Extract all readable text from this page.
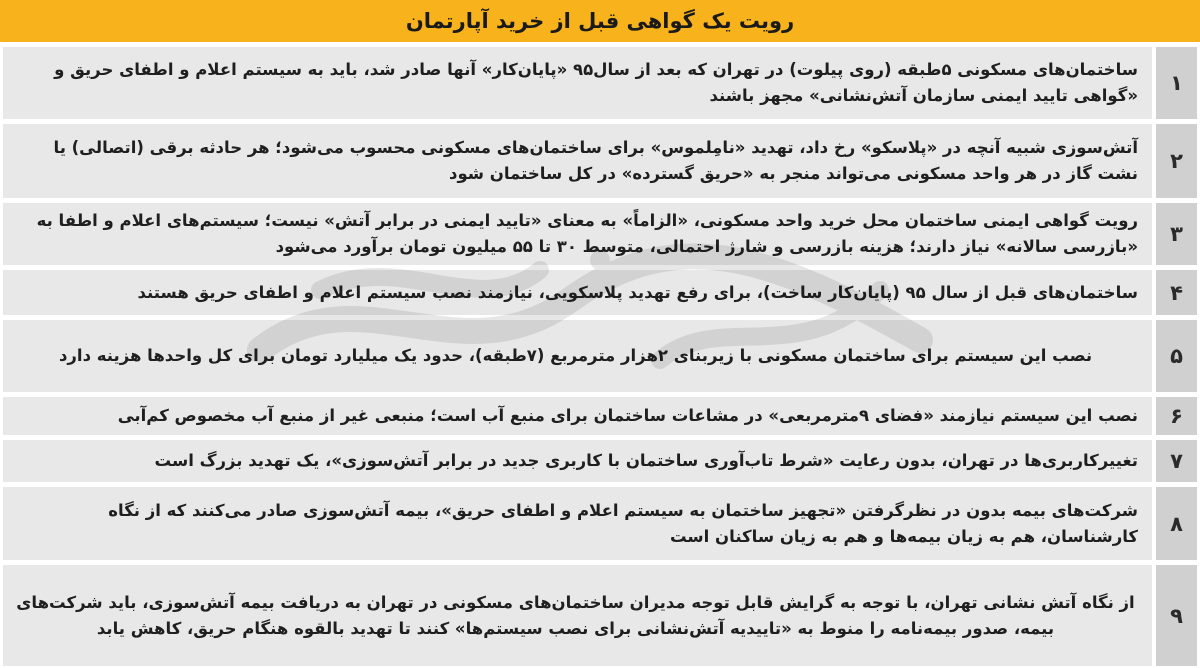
رویت یک گواهی قبل از خرید آپارتمان
۱

ساختمان‌های مسکونی ۵طبقه (روی پیلوت) در تهران که بعد از سال۹۵ «پایان‌کار» آنها صادر شد، باید به سیستم اعلام و اطفای حریق و «گواهی تایید ایمنی سازمان آتش‌نشانی» مجهز باشند

۲

آتش‌سوزی شبیه آنچه در «پلاسکو» رخ داد، تهدید «نامِلموس» برای ساختمان‌های مسکونی محسوب می‌شود؛ هر حادثه برقی (اتصالی) یا نشت گاز در هر واحد مسکونی می‌تواند منجر به «حریق گسترده» در کل ساختمان شود

۳

رویت گواهی ایمنی ساختمان محل خرید واحد مسکونی، «الزاماً» به معنای «تایید ایمنی در برابر آتش» نیست؛ سیستم‌های اعلام و اطفا به «بازرسی سالانه» نیاز دارند؛ هزینه بازرسی و شارژ احتمالی، متوسط ۳۰ تا ۵۵ میلیون تومان برآورد می‌شود

۴

ساختمان‌های قبل از سال ۹۵ (پایان‌کار ساخت)، برای رفع تهدید پلاسکویی، نیازمند نصب سیستم اعلام و اطفای حریق هستند

۵

نصب این سیستم برای ساختمان مسکونی با زیربنای ۲هزار مترمربع (۷طبقه)، حدود یک میلیارد تومان برای کل واحدها هزینه دارد

۶

نصب این سیستم نیازمند «فضای ۹مترمربعی» در مشاعات ساختمان برای منبع آب است؛ منبعی غیر از منبع آب مخصوص کم‌آبی

۷

تغییرکاربری‌ها در تهران، بدون رعایت «شرط تاب‌آوری ساختمان با کاربری جدید در برابر آتش‌سوزی»، یک تهدید بزرگ است

۸

شرکت‌های بیمه بدون در نظرگرفتن «تجهیز ساختمان به سیستم اعلام و اطفای حریق»، بیمه آتش‌سوزی صادر می‌کنند که از نگاه کارشناسان، هم به زیان بیمه‌ها و هم به زیان ساکنان است

۹

از نگاه آتش نشانی تهران، با توجه به گرایش قابل توجه مدیران ساختمان‌های مسکونی در تهران به دریافت بیمه آتش‌سوزی، باید شرکت‌های بیمه، صدور بیمه‌نامه را منوط به «تاییدیه آتش‌نشانی برای نصب سیستم‌ها» کنند تا تهدید بالقوه هنگام حریق، کاهش یابد
